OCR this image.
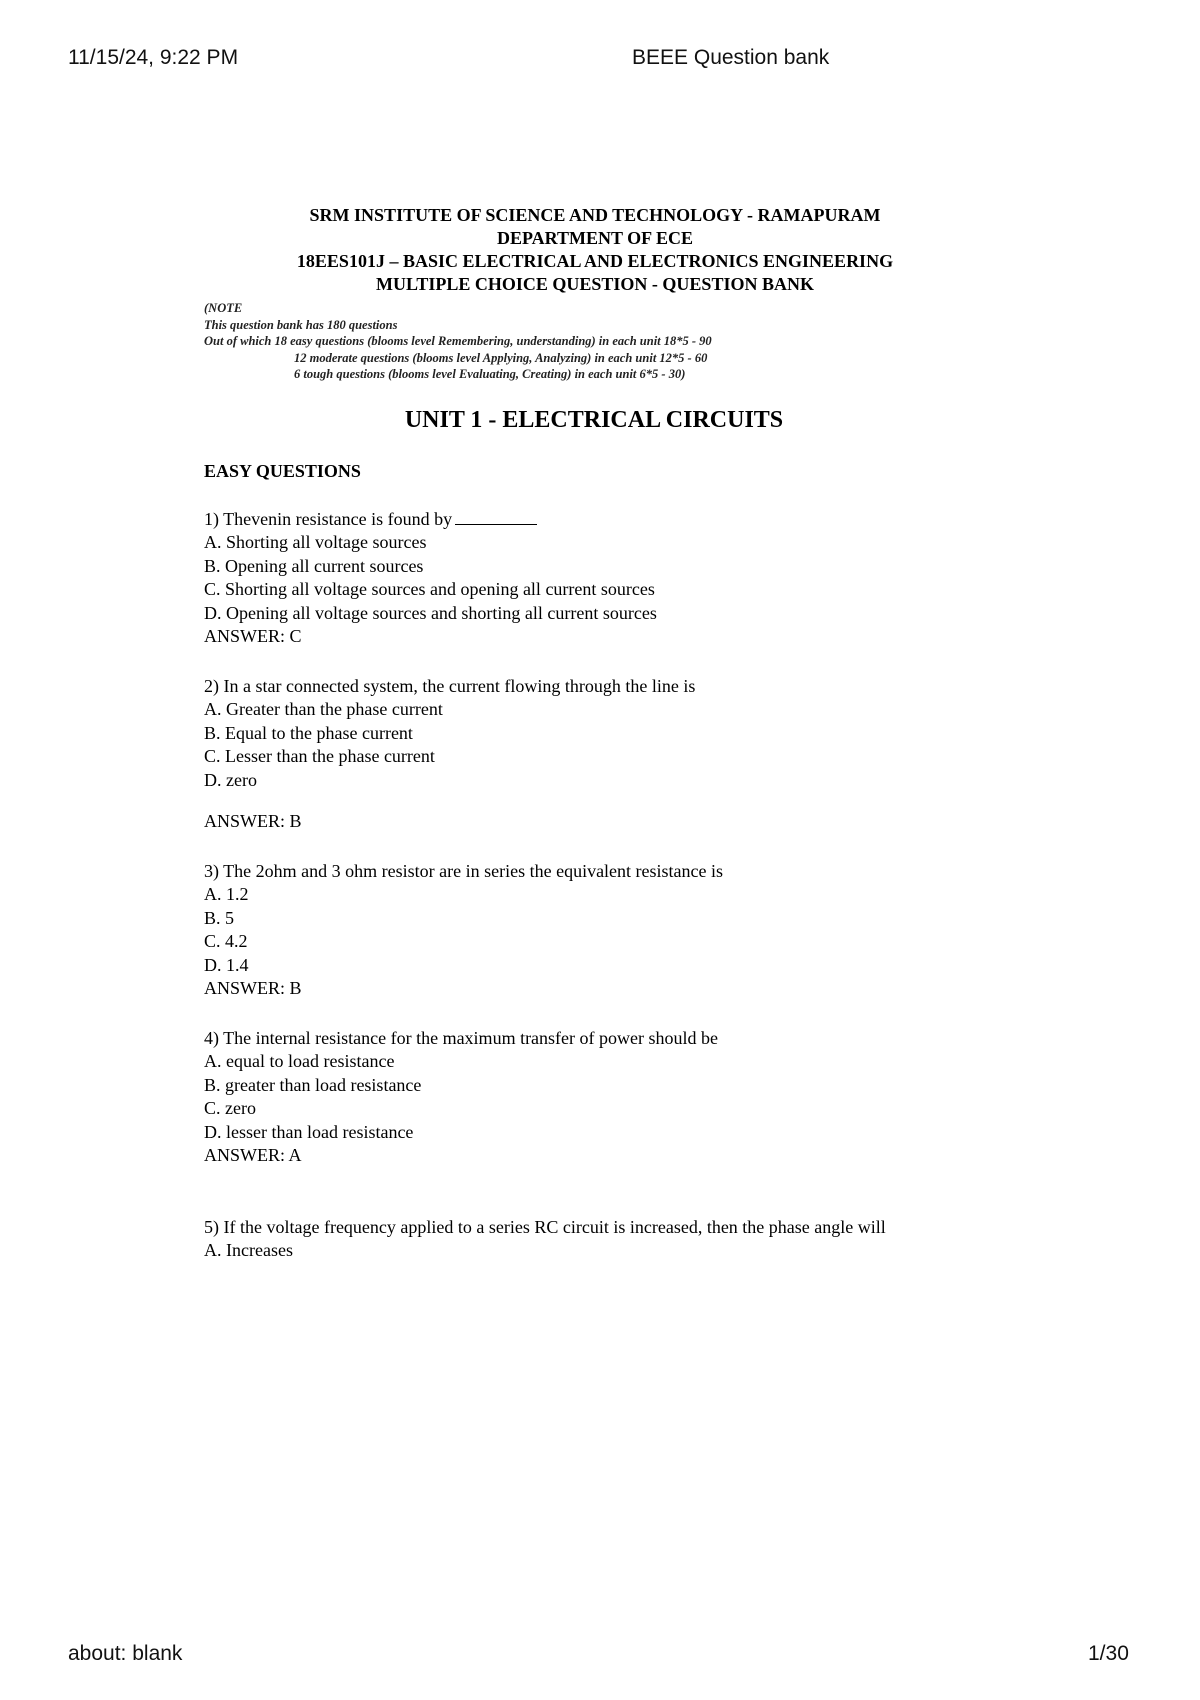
11/15/24, 9:22 PM	BEEE Question bank
SRM INSTITUTE OF SCIENCE AND TECHNOLOGY - RAMAPURAM
DEPARTMENT OF ECE
18EES101J – BASIC ELECTRICAL AND ELECTRONICS ENGINEERING
MULTIPLE CHOICE QUESTION - QUESTION BANK
(NOTE
This question bank has 180 questions
Out of which 18 easy questions (blooms level Remembering, understanding) in each unit 18*5 - 90
12 moderate questions (blooms level Applying, Analyzing) in each unit 12*5 - 60
6 tough questions (blooms level Evaluating, Creating) in each unit 6*5 - 30)
UNIT 1 - ELECTRICAL CIRCUITS
EASY QUESTIONS
1) Thevenin resistance is found by
A. Shorting all voltage sources
B. Opening all current sources
C. Shorting all voltage sources and opening all current sources
D. Opening all voltage sources and shorting all current sources
ANSWER: C
2) In a star connected system, the current flowing through the line is
A. Greater than the phase current
B. Equal to the phase current
C. Lesser than the phase current
D. zero
ANSWER: B
3) The 2ohm and 3 ohm resistor are in series the equivalent resistance is
A. 1.2
B. 5
C. 4.2
D. 1.4
ANSWER: B
4) The internal resistance for the maximum transfer of power should be
A. equal to load resistance
B. greater than load resistance
C. zero
D. lesser than load resistance
ANSWER: A
5) If the voltage frequency applied to a series RC circuit is increased, then the phase angle will
A. Increases
about: blank	1/30
